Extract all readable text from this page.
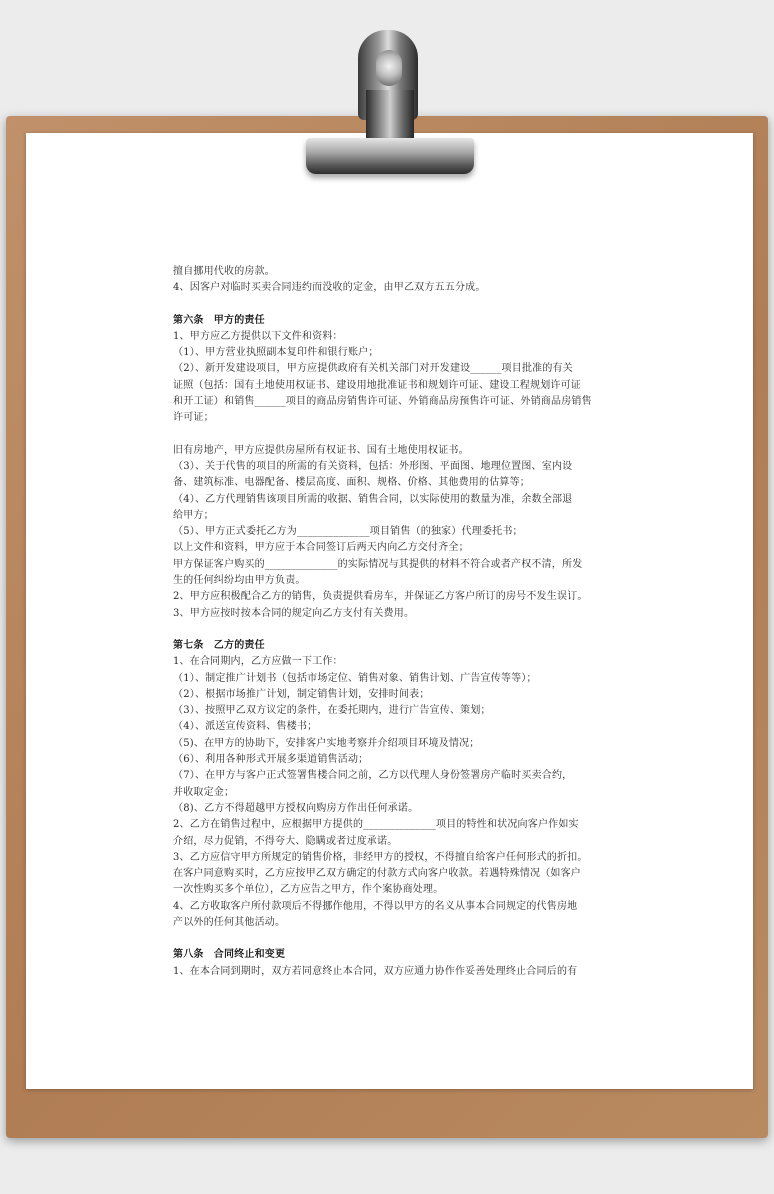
擅自挪用代收的房款。

4、因客户对临时买卖合同违约而没收的定金，由甲乙双方五五分成。

第六条　甲方的责任

1、甲方应乙方提供以下文件和资料：

（1）、甲方营业执照副本复印件和银行账户；

（2）、新开发建设项目，甲方应提供政府有关机关部门对开发建设______项目批准的有关

证照（包括：国有土地使用权证书、建设用地批准证书和规划许可证、建设工程规划许可证

和开工证）和销售______项目的商品房销售许可证、外销商品房预售许可证、外销商品房销售

许可证；

旧有房地产，甲方应提供房屋所有权证书、国有土地使用权证书。

（3）、关于代售的项目的所需的有关资料，包括：外形图、平面图、地理位置图、室内设

备、建筑标准、电器配备、楼层高度、面积、规格、价格、其他费用的估算等；

（4）、乙方代理销售该项目所需的收据、销售合同，以实际使用的数量为准，余数全部退

给甲方；

（5）、甲方正式委托乙方为______________项目销售（的独家）代理委托书；

以上文件和资料，甲方应于本合同签订后两天内向乙方交付齐全；

甲方保证客户购买的______________的实际情况与其提供的材料不符合或者产权不清，所发

生的任何纠纷均由甲方负责。

2、甲方应积极配合乙方的销售，负责提供看房车，并保证乙方客户所订的房号不发生误订。

3、甲方应按时按本合同的规定向乙方支付有关费用。

第七条　乙方的责任

1、在合同期内，乙方应做一下工作：

（1）、制定推广计划书（包括市场定位、销售对象、销售计划、广告宣传等等）；

（2）、根据市场推广计划，制定销售计划，安排时间表；

（3）、按照甲乙双方议定的条件，在委托期内，进行广告宣传、策划；

（4）、派送宣传资料、售楼书；

（5)、在甲方的协助下，安排客户实地考察并介绍项目环境及情况；

（6）、利用各种形式开展多渠道销售活动；

（7）、在甲方与客户正式签署售楼合同之前，乙方以代理人身份签署房产临时买卖合约，

并收取定金；

（8)、乙方不得超越甲方授权向购房方作出任何承诺。

2、乙方在销售过程中，应根据甲方提供的______________项目的特性和状况向客户作如实

介绍，尽力促销，不得夸大、隐瞒或者过度承诺。

3、乙方应信守甲方所规定的销售价格，非经甲方的授权，不得擅自给客户任何形式的折扣。

在客户同意购买时，乙方应按甲乙双方确定的付款方式向客户收款。若遇特殊情况（如客户

一次性购买多个单位），乙方应告之甲方，作个案协商处理。

4、乙方收取客户所付款项后不得挪作他用，不得以甲方的名义从事本合同规定的代售房地

产以外的任何其他活动。

第八条　合同终止和变更

1、在本合同到期时，双方若同意终止本合同，双方应通力协作作妥善处理终止合同后的有
